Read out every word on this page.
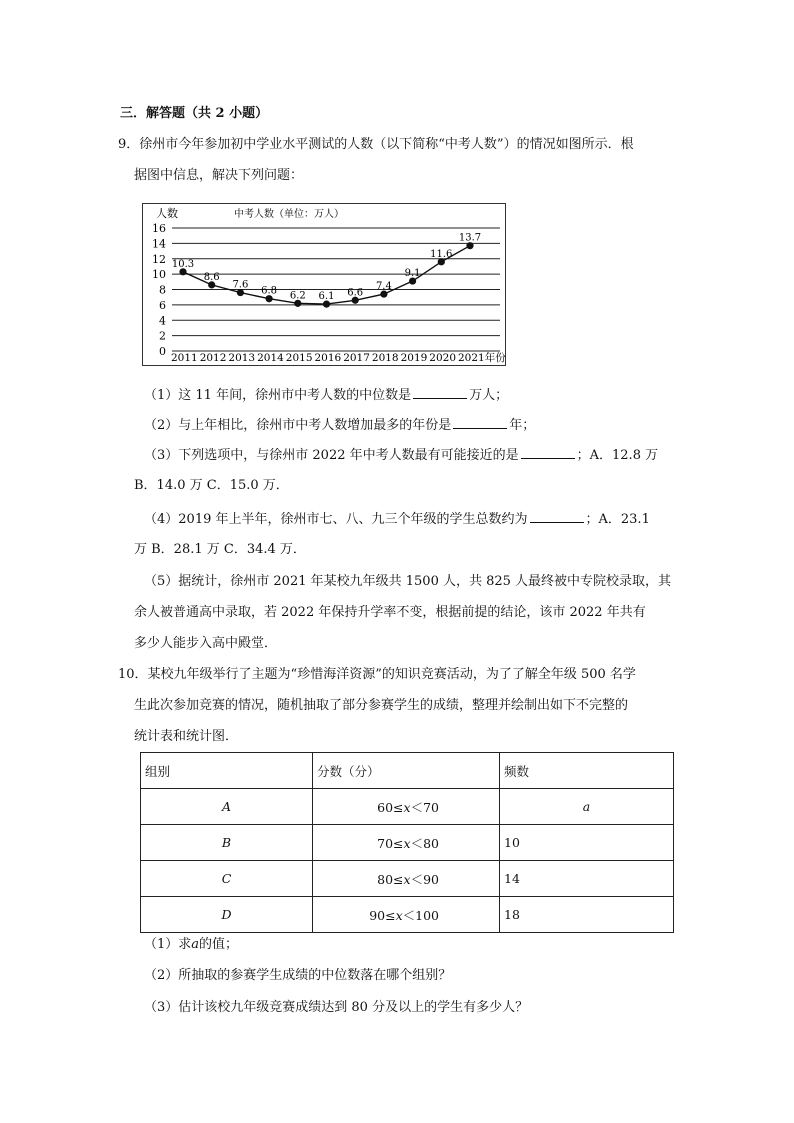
三．解答题（共 2 小题）
9．徐州市今年参加初中学业水平测试的人数（以下简称“中考人数”）的情况如图所示．根
据图中信息，解决下列问题：
0
2
4
6
8
10
12
14
16
2011 2012 2013 2014 2015 2016 2017 2018 2019 2020 2021年份
10.3
8.6
7.6
6.8 6.2 6.1 6.6
7.4
9.1
11.6
13.7
人数	中考人数（单位：万人）
（1）这 11 年间，徐州市中考人数的中位数是	万人；
（2）与上年相比，徐州市中考人数增加最多的年份是	年；
（3）下列选项中，与徐州市 2022 年中考人数最有可能接近的是	；A．12.8 万
B．14.0 万 C．15.0 万．
（4）2019 年上半年，徐州市七、八、九三个年级的学生总数约为	；A．23.1
万 B．28.1 万 C．34.4 万．
（5）据统计，徐州市 2021 年某校九年级共 1500 人，共 825 人最终被中专院校录取，其
余人被普通高中录取，若 2022 年保持升学率不变，根据前提的结论，该市 2022 年共有
多少人能步入高中殿堂．
10．某校九年级举行了主题为“珍惜海洋资源”的知识竞赛活动，为了了解全年级 500 名学
生此次参加竞赛的情况，随机抽取了部分参赛学生的成绩，整理并绘制出如下不完整的
统计表和统计图．
组别	分数（分）	频数
A	60≤x＜70	a
B	70≤x＜80	10
C	80≤x＜90	14
D	90≤x＜100	18
（1）求a的值；
（2）所抽取的参赛学生成绩的中位数落在哪个组别？
（3）估计该校九年级竞赛成绩达到 80 分及以上的学生有多少人？
